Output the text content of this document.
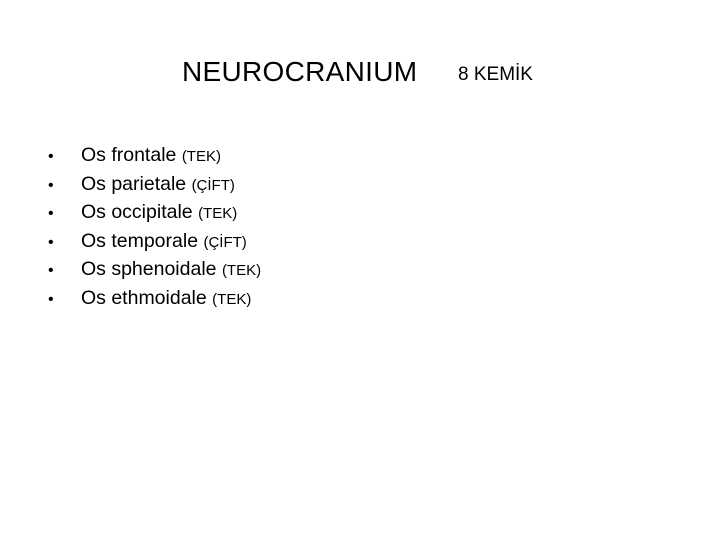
NEUROCRANIUM 8 KEMİK
• Os frontale (TEK)
• Os parietale (ÇİFT)
• Os occipitale (TEK)
• Os temporale (ÇİFT)
• Os sphenoidale (TEK)
• Os ethmoidale (TEK)
